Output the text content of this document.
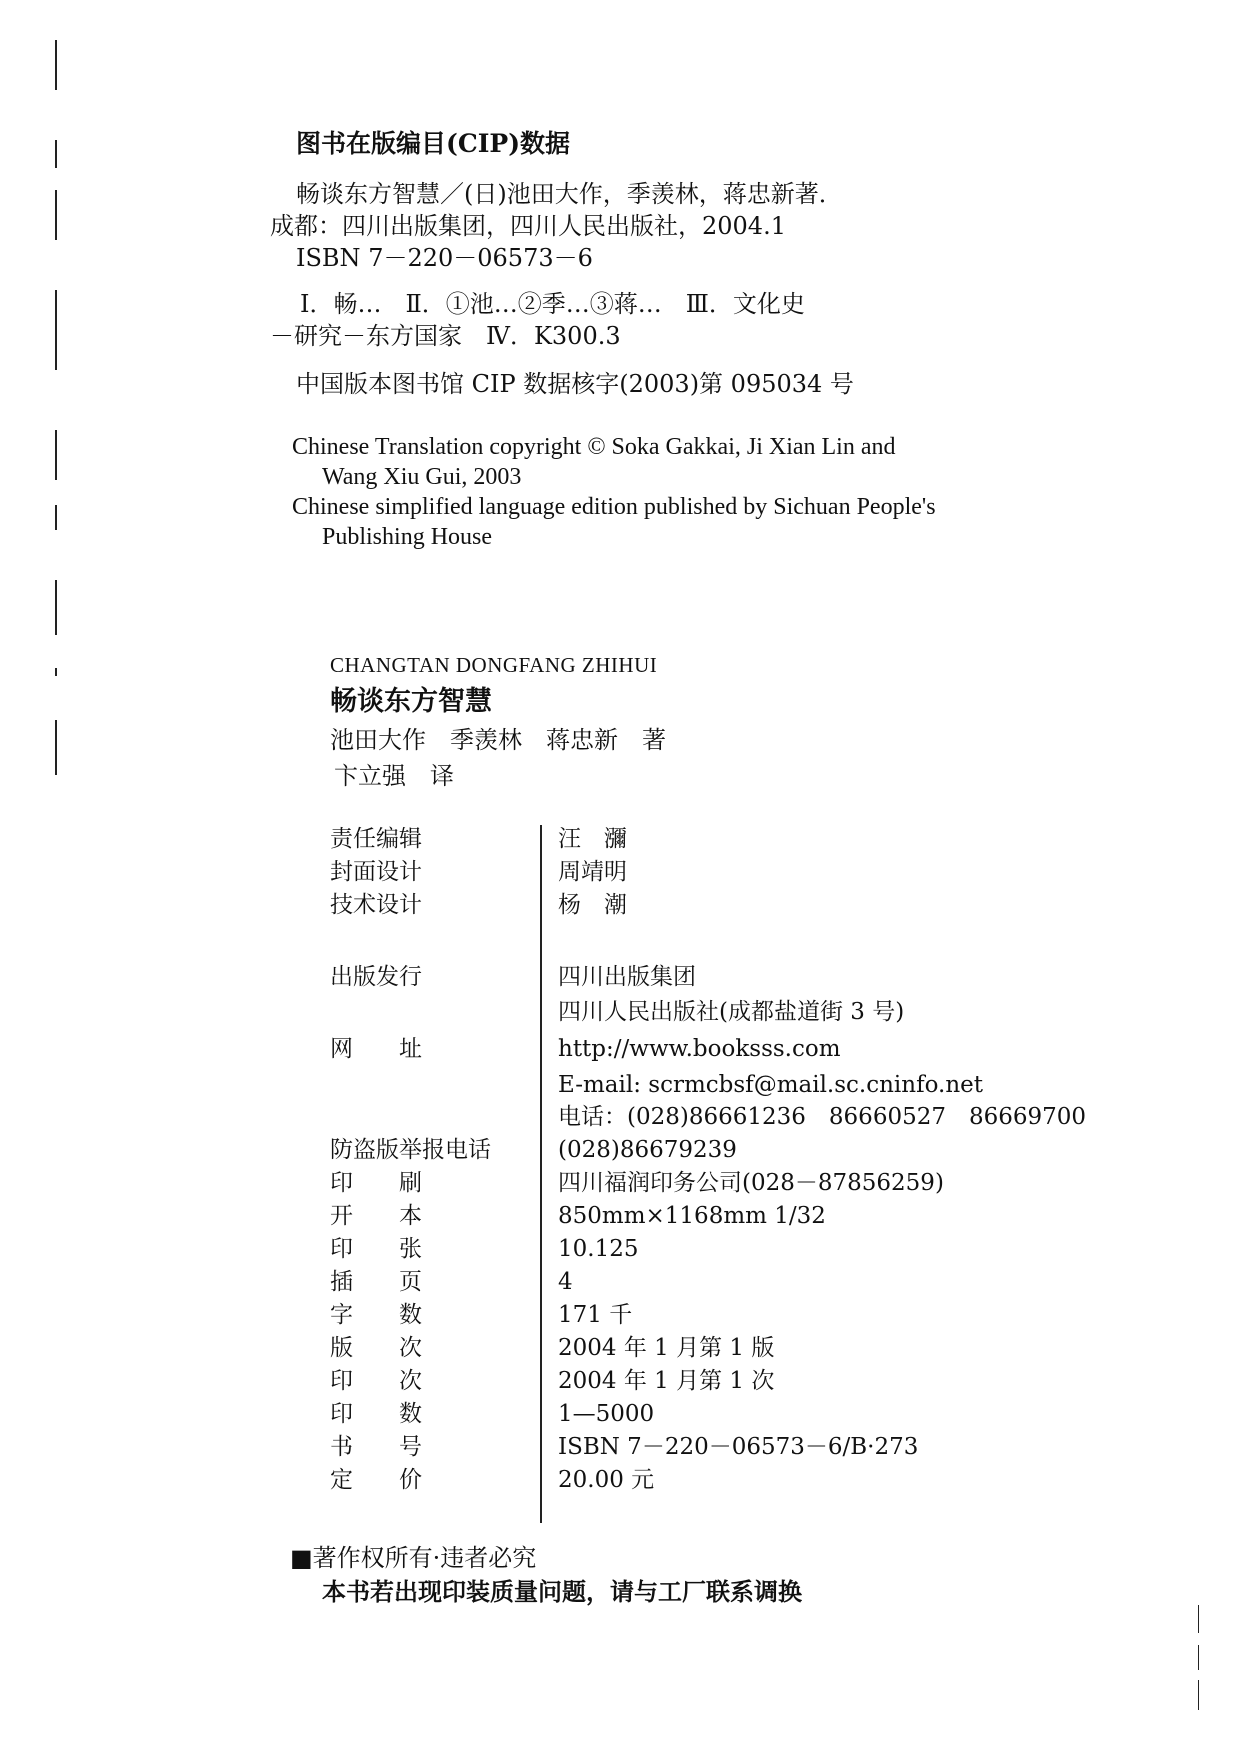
图书在版编目(CIP)数据
畅谈东方智慧／(日)池田大作，季羡林，蒋忠新著．
成都：四川出版集团，四川人民出版社，2004.1
ISBN 7－220－06573－6
Ⅰ．畅…　Ⅱ．①池…②季…③蒋…　Ⅲ．文化史
－研究－东方国家　Ⅳ．K300.3
中国版本图书馆 CIP 数据核字(2003)第 095034 号
Chinese Translation copyright © Soka Gakkai, Ji Xian Lin and
Wang Xiu Gui, 2003
Chinese simplified language edition published by Sichuan People's
Publishing House
CHANGTAN DONGFANG ZHIHUI
畅谈东方智慧
池田大作　季羡林　蒋忠新　著
卞立强　译
责任编辑	汪　瀰
封面设计	周靖明
技术设计	杨　潮
出版发行	四川出版集团
四川人民出版社(成都盐道街 3 号)
网　　址	http://www.booksss.com
E-mail: scrmcbsf@mail.sc.cninfo.net
电话：(028)86661236　86660527　86669700
防盗版举报电话	(028)86679239
印　　刷	四川福润印务公司(028－87856259)
开　　本	850mm×1168mm 1/32
印　　张	10.125
插　　页	4
字　　数	171 千
版　　次	2004 年 1 月第 1 版
印　　次	2004 年 1 月第 1 次
印　　数	1—5000
书　　号	ISBN 7－220－06573－6/B·273
定　　价	20.00 元
■著作权所有·违者必究
本书若出现印装质量问题，请与工厂联系调换
